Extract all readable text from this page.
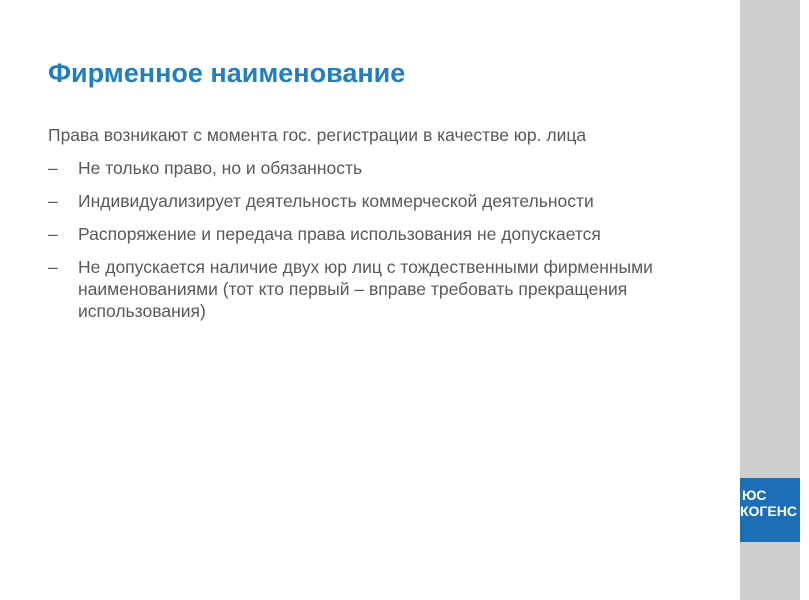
Фирменное наименование

Права возникают с момента гос. регистрации в качестве юр. лица

– Не только право, но и обязанность
– Индивидуализирует деятельность коммерческой деятельности
– Распоряжение и передача права использования не допускается
– Не допускается наличие двух юр лиц с тождественными фирменными наименованиями (тот кто первый – вправе требовать прекращения использования)
ЮС
КОГЕНС Г
